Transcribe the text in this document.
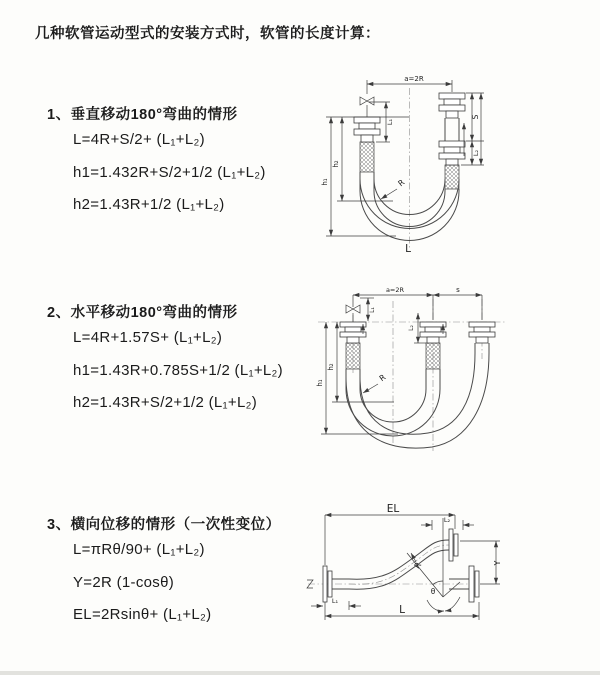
几种软管运动型式的安装方式时，软管的长度计算：
1、垂直移动180°弯曲的情形
L=4R+S/2+ (L₁+L₂)
h1=1.432R+S/2+1/2 (L₁+L₂)
h2=1.43R+1/2 (L₁+L₂)
a=2R
h₁
h₂
L₁
S
L₂
R
L
2、水平移动180°弯曲的情形
L=4R+1.57S+ (L₁+L₂)
h1=1.43R+0.785S+1/2 (L₁+L₂)
h2=1.43R+S/2+1/2 (L₁+L₂)
a=2R	s
h₁
h₂
L₁
L₂
R
3、横向位移的情形（一次性变位）
L=πRθ/90+ (L₁+L₂)
Y=2R (1-cosθ)
EL=2Rsinθ+ (L₁+L₂)
EL
L₂
Y
L
L₁
R
θ
